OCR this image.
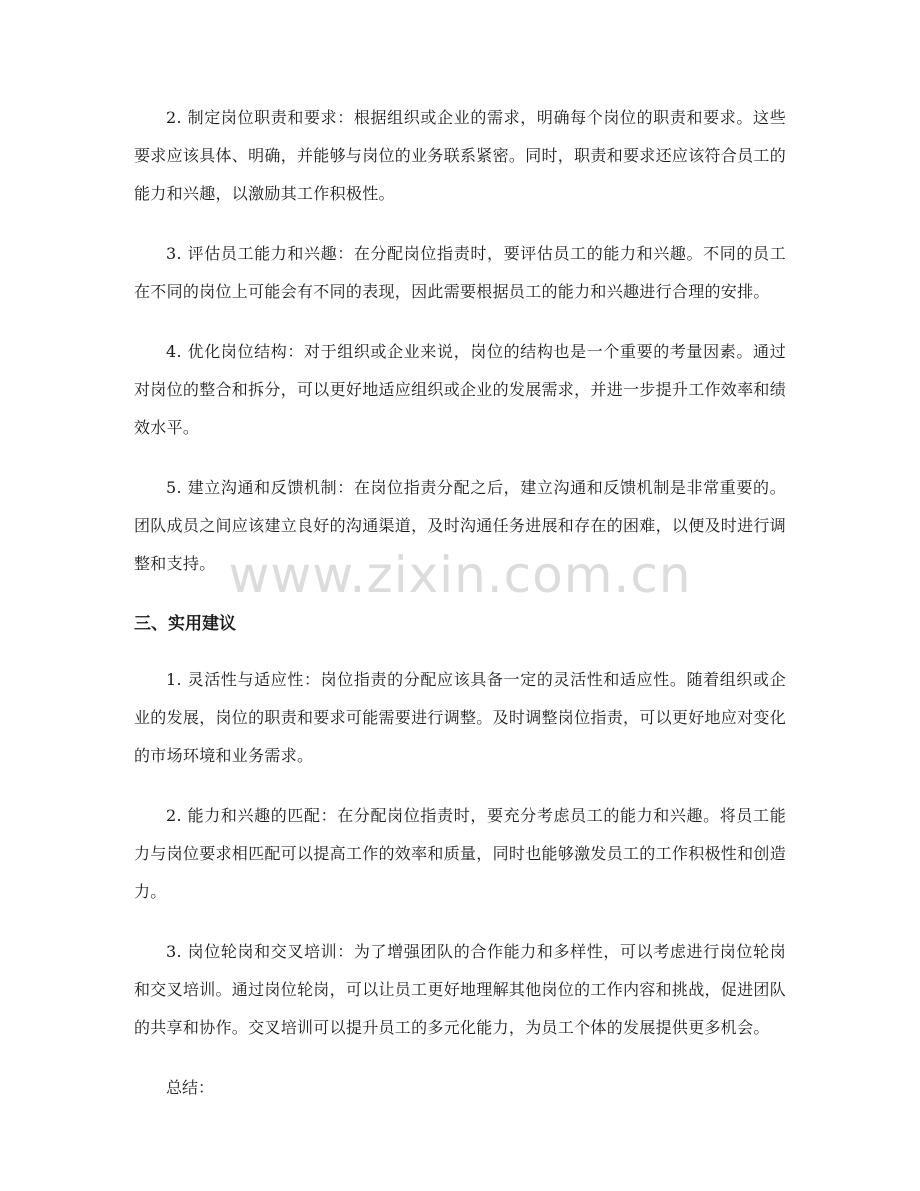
2. 制定岗位职责和要求：根据组织或企业的需求，明确每个岗位的职责和要求。这些要求应该具体、明确，并能够与岗位的业务联系紧密。同时，职责和要求还应该符合员工的能力和兴趣，以激励其工作积极性。

3. 评估员工能力和兴趣：在分配岗位指责时，要评估员工的能力和兴趣。不同的员工在不同的岗位上可能会有不同的表现，因此需要根据员工的能力和兴趣进行合理的安排。

4. 优化岗位结构：对于组织或企业来说，岗位的结构也是一个重要的考量因素。通过对岗位的整合和拆分，可以更好地适应组织或企业的发展需求，并进一步提升工作效率和绩效水平。

5. 建立沟通和反馈机制：在岗位指责分配之后，建立沟通和反馈机制是非常重要的。团队成员之间应该建立良好的沟通渠道，及时沟通任务进展和存在的困难，以便及时进行调整和支持。

三、实用建议

1. 灵活性与适应性：岗位指责的分配应该具备一定的灵活性和适应性。随着组织或企业的发展，岗位的职责和要求可能需要进行调整。及时调整岗位指责，可以更好地应对变化的市场环境和业务需求。

2. 能力和兴趣的匹配：在分配岗位指责时，要充分考虑员工的能力和兴趣。将员工能力与岗位要求相匹配可以提高工作的效率和质量，同时也能够激发员工的工作积极性和创造力。

3. 岗位轮岗和交叉培训：为了增强团队的合作能力和多样性，可以考虑进行岗位轮岗和交叉培训。通过岗位轮岗，可以让员工更好地理解其他岗位的工作内容和挑战，促进团队的共享和协作。交叉培训可以提升员工的多元化能力，为员工个体的发展提供更多机会。

总结：

www.zixin.com.cn
